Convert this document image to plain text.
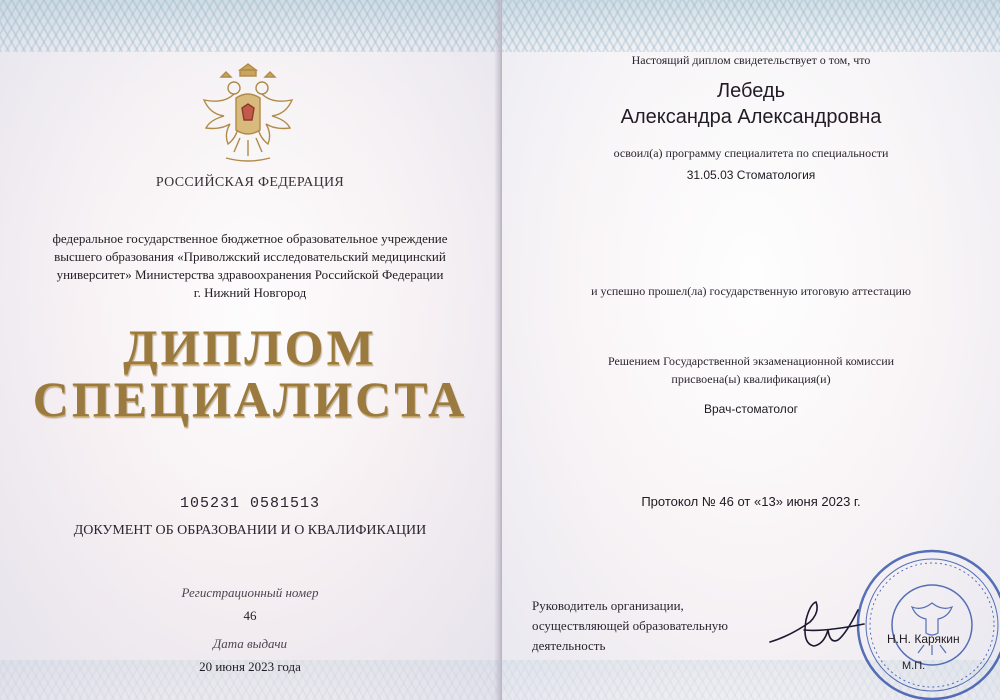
РОССИЙСКАЯ ФЕДЕРАЦИЯ
федеральное государственное бюджетное образовательное учреждение
высшего образования «Приволжский исследовательский медицинский
университет» Министерства здравоохранения Российской Федерации
г. Нижний Новгород
ДИПЛОМ
СПЕЦИАЛИСТА
105231 0581513
ДОКУМЕНТ ОБ ОБРАЗОВАНИИ И О КВАЛИФИКАЦИИ
Регистрационный номер
46
Дата выдачи
20 июня 2023 года
Настоящий диплом свидетельствует о том, что
Лебедь
Александра Александровна
освоил(а) программу специалитета по специальности
31.05.03 Стоматология
и успешно прошел(ла) государственную итоговую аттестацию
Решением Государственной экзаменационной комиссии
присвоена(ы) квалификация(и)
Врач-стоматолог
Протокол № 46 от «13» июня 2023 г.
Руководитель организации,
осуществляющей образовательную
деятельность	Н.Н. Карякин
М.П.
